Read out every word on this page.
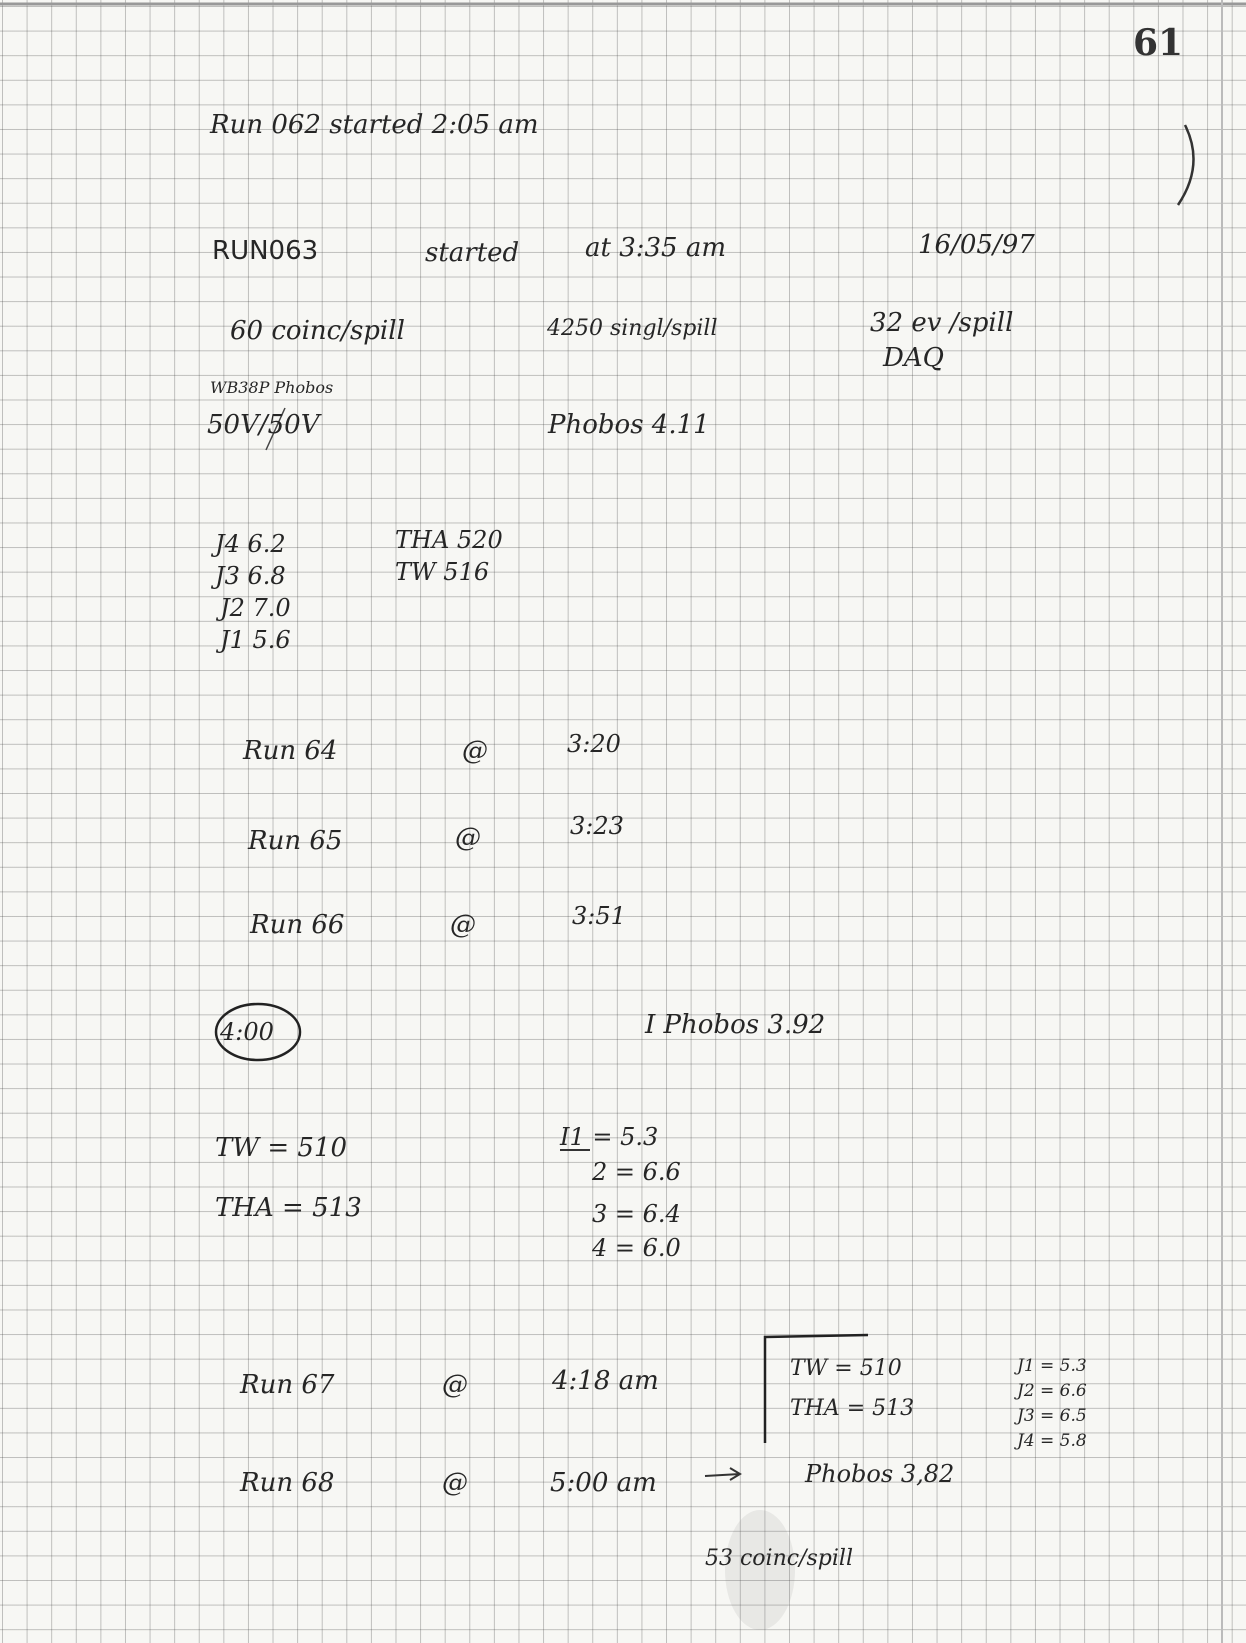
61
Run 062 started 2:05 am
RUN063	started	at 3:35 am	16/05/97
60 coinc/spill	4250 singl/spill	32 ev /spill
DAQ
WB38P Phobos
50V/50V	Phobos 4.11
J4 6.2
J3 6.8
J2 7.0
J1 5.6
THA 520
TW 516
Run 64	@	3:20
Run 65	@	3:23
Run 66	@	3:51
4:00	I Phobos 3.92
TW = 510
THA = 513
I1 = 5.3
2 = 6.6
3 = 6.4
4 = 6.0
Run 67	@	4:18 am
Run 68	@	5:00 am
TW = 510
THA = 513
J1 = 5.3
J2 = 6.6
J3 = 6.5
J4 = 5.8
Phobos 3,82
53 coinc/spill
